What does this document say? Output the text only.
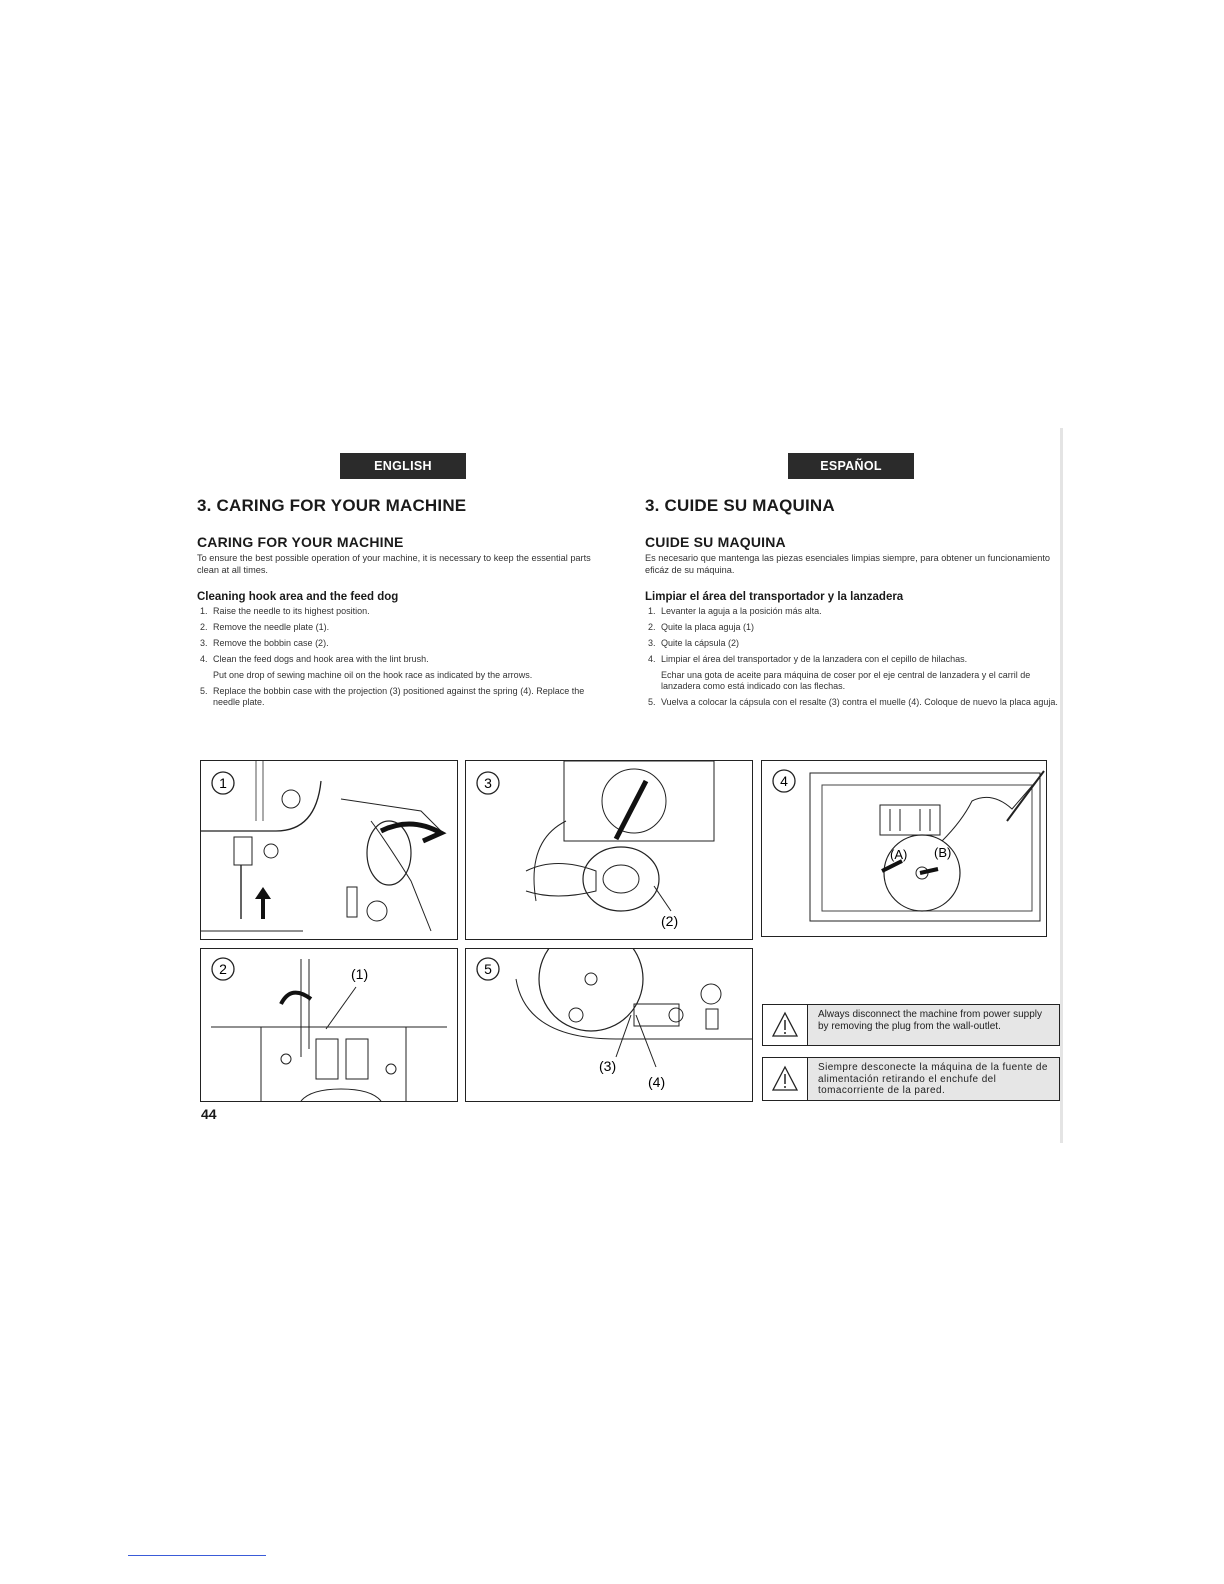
ENGLISH
3. CARING FOR YOUR MACHINE
CARING FOR YOUR MACHINE

To ensure the best possible operation of your machine, it is necessary to keep the essential parts clean at all times.

Cleaning hook area and the feed dog
1. Raise the needle to its highest position.
2. Remove the needle plate (1).
3. Remove the bobbin case (2).
4. Clean the feed dogs and hook area with the lint brush.
Put one drop of sewing machine oil on the hook race as indicated by the arrows.
5. Replace the bobbin case with the projection (3) positioned against the spring (4). Replace the needle plate.
ESPAÑOL
3. CUIDE SU MAQUINA
CUIDE SU MAQUINA

Es necesario que mantenga las piezas esenciales limpias siempre, para obtener un funcionamiento eficáz de su máquina.

Limpiar el área del transportador y la lanzadera
1. Levanter la aguja a la posición más alta.
2. Quite la placa aguja (1)
3. Quite la cápsula (2)
4. Limpiar el área del transportador y de la lanzadera con el cepillo de hilachas.
Echar una gota de aceite para máquina de coser por el eje central de lanzadera y el carril de lanzadera como está indicado con las flechas.
5. Vuelva a colocar la cápsula con el resalte (3) contra el muelle (4). Coloque de nuevo la placa aguja.
1
2	(1)
3
(2)
4
(A) (B)
5
(3)
(4)
Always disconnect the machine from power supply by removing the plug from the wall-outlet.
Siempre desconecte la máquina de la fuente de alimentación retirando el enchufe del tomacorriente de la pared.
44
